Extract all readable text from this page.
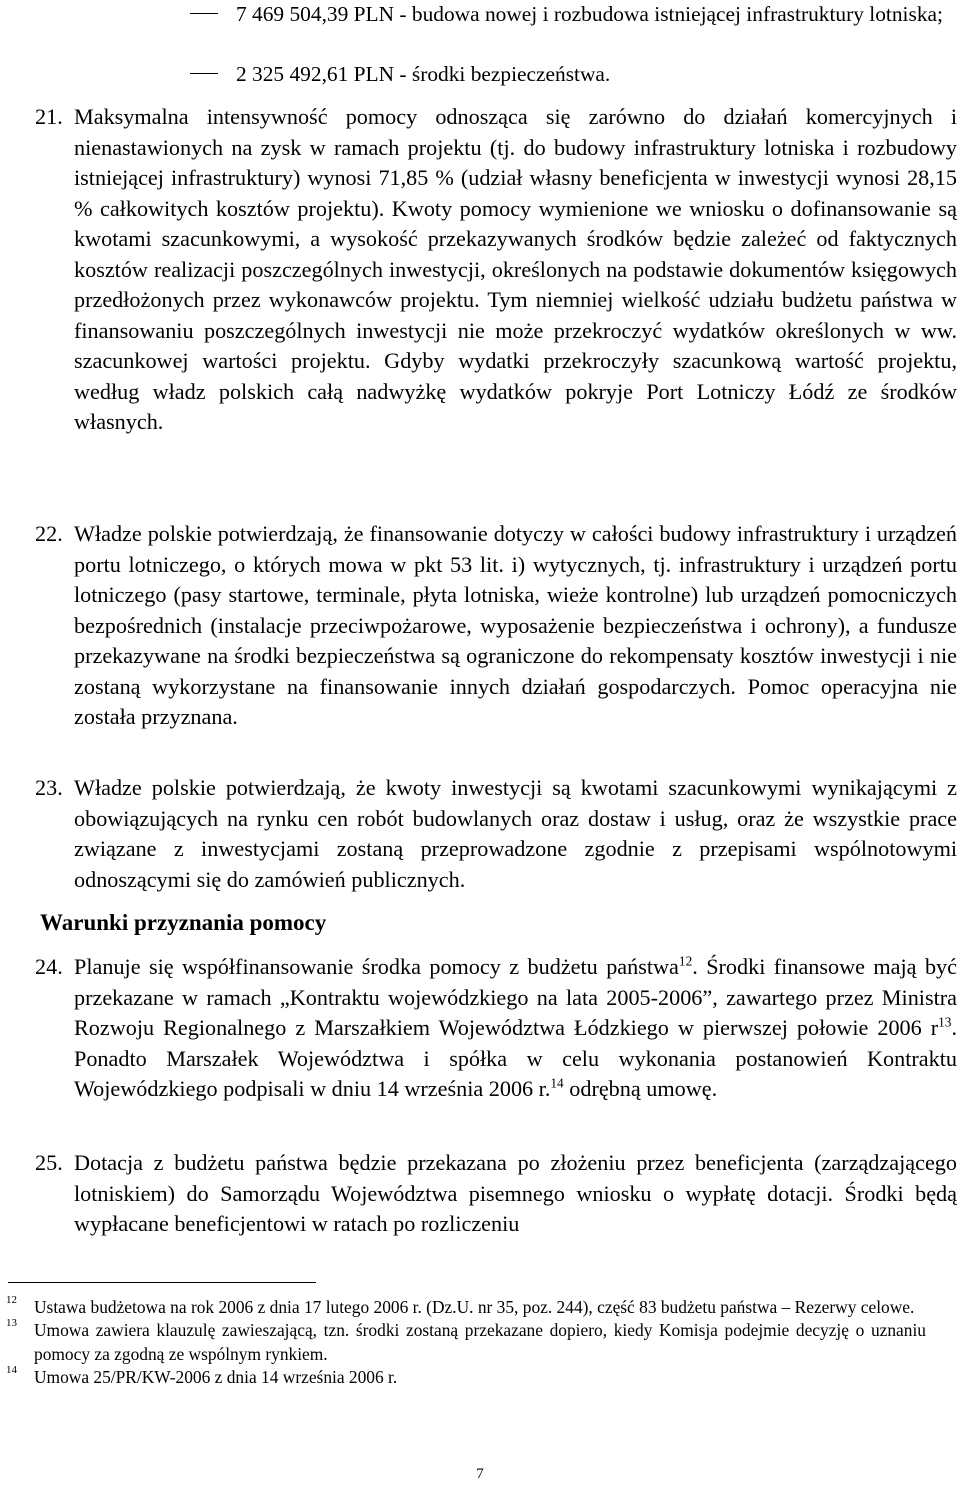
7 469 504,39 PLN - budowa nowej i rozbudowa istniejącej infrastruktury lotniska;
2 325 492,61 PLN - środki bezpieczeństwa.
21. Maksymalna intensywność pomocy odnosząca się zarówno do działań komercyjnych i nienastawionych na zysk w ramach projektu (tj. do budowy infrastruktury lotniska i rozbudowy istniejącej infrastruktury) wynosi 71,85 % (udział własny beneficjenta w inwestycji wynosi 28,15 % całkowitych kosztów projektu). Kwoty pomocy wymienione we wniosku o dofinansowanie są kwotami szacunkowymi, a wysokość przekazywanych środków będzie zależeć od faktycznych kosztów realizacji poszczególnych inwestycji, określonych na podstawie dokumentów księgowych przedłożonych przez wykonawców projektu. Tym niemniej wielkość udziału budżetu państwa w finansowaniu poszczególnych inwestycji nie może przekroczyć wydatków określonych w ww. szacunkowej wartości projektu. Gdyby wydatki przekroczyły szacunkową wartość projektu, według władz polskich całą nadwyżkę wydatków pokryje Port Lotniczy Łódź ze środków własnych.
22. Władze polskie potwierdzają, że finansowanie dotyczy w całości budowy infrastruktury i urządzeń portu lotniczego, o których mowa w pkt 53 lit. i) wytycznych, tj. infrastruktury i urządzeń portu lotniczego (pasy startowe, terminale, płyta lotniska, wieże kontrolne) lub urządzeń pomocniczych bezpośrednich (instalacje przeciwpożarowe, wyposażenie bezpieczeństwa i ochrony), a fundusze przekazywane na środki bezpieczeństwa są ograniczone do rekompensaty kosztów inwestycji i nie zostaną wykorzystane na finansowanie innych działań gospodarczych. Pomoc operacyjna nie została przyznana.
23. Władze polskie potwierdzają, że kwoty inwestycji są kwotami szacunkowymi wynikającymi z obowiązujących na rynku cen robót budowlanych oraz dostaw i usług, oraz że wszystkie prace związane z inwestycjami zostaną przeprowadzone zgodnie z przepisami wspólnotowymi odnoszącymi się do zamówień publicznych.
Warunki przyznania pomocy
24. Planuje się współfinansowanie środka pomocy z budżetu państwa$^{12}$. Środki finansowe mają być przekazane w ramach „Kontraktu wojewódzkiego na lata 2005-2006”, zawartego przez Ministra Rozwoju Regionalnego z Marszałkiem Województwa Łódzkiego w pierwszej połowie 2006 $r^{13}$. Ponadto Marszałek Województwa i spółka w celu wykonania postanowień Kontraktu Wojewódzkiego podpisali w dniu 14 września 2006 r.$^{14}$ odrębną umowę.
25. Dotacja z budżetu państwa będzie przekazana po złożeniu przez beneficjenta (zarządzającego lotniskiem) do Samorządu Województwa pisemnego wniosku o wypłatę dotacji. Środki będą wypłacane beneficjentowi w ratach po rozliczeniu
12 Ustawa budżetowa na rok 2006 z dnia 17 lutego 2006 r. (Dz.U. nr 35, poz. 244), część 83 budżetu państwa – Rezerwy celowe.
13 Umowa zawiera klauzulę zawieszającą, tzn. środki zostaną przekazane dopiero, kiedy Komisja podejmie decyzję o uznaniu pomocy za zgodną ze wspólnym rynkiem.
14 Umowa 25/PR/KW-2006 z dnia 14 września 2006 r.
7
